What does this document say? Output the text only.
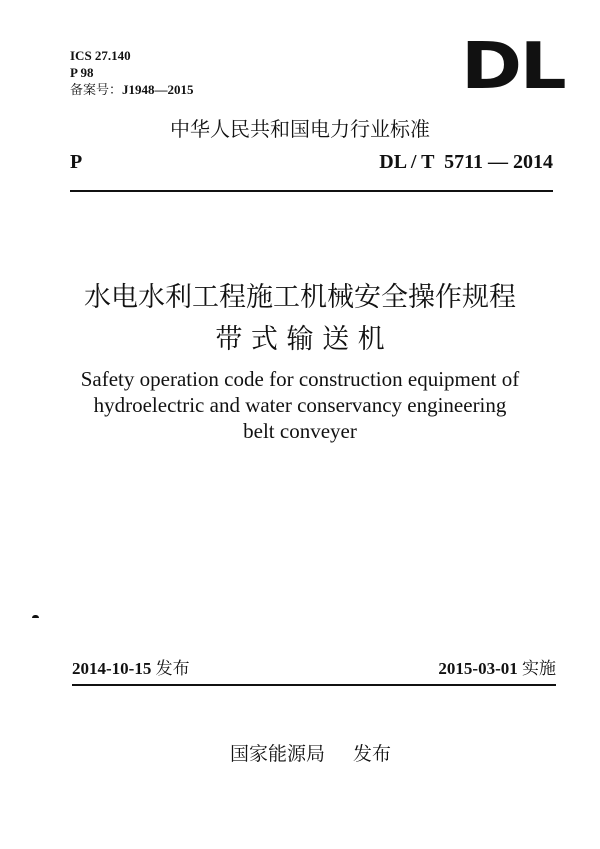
ICS 27.140
P 98
备案号：J1948—2015	DL
中华人民共和国电力行业标准
P	DL / T  5711 — 2014
水电水利工程施工机械安全操作规程
带 式 输 送 机
Safety operation code for construction equipment of
hydroelectric and water conservancy engineering
belt conveyer
2014-10-15 发布	2015-03-01 实施
国家能源局 发布
